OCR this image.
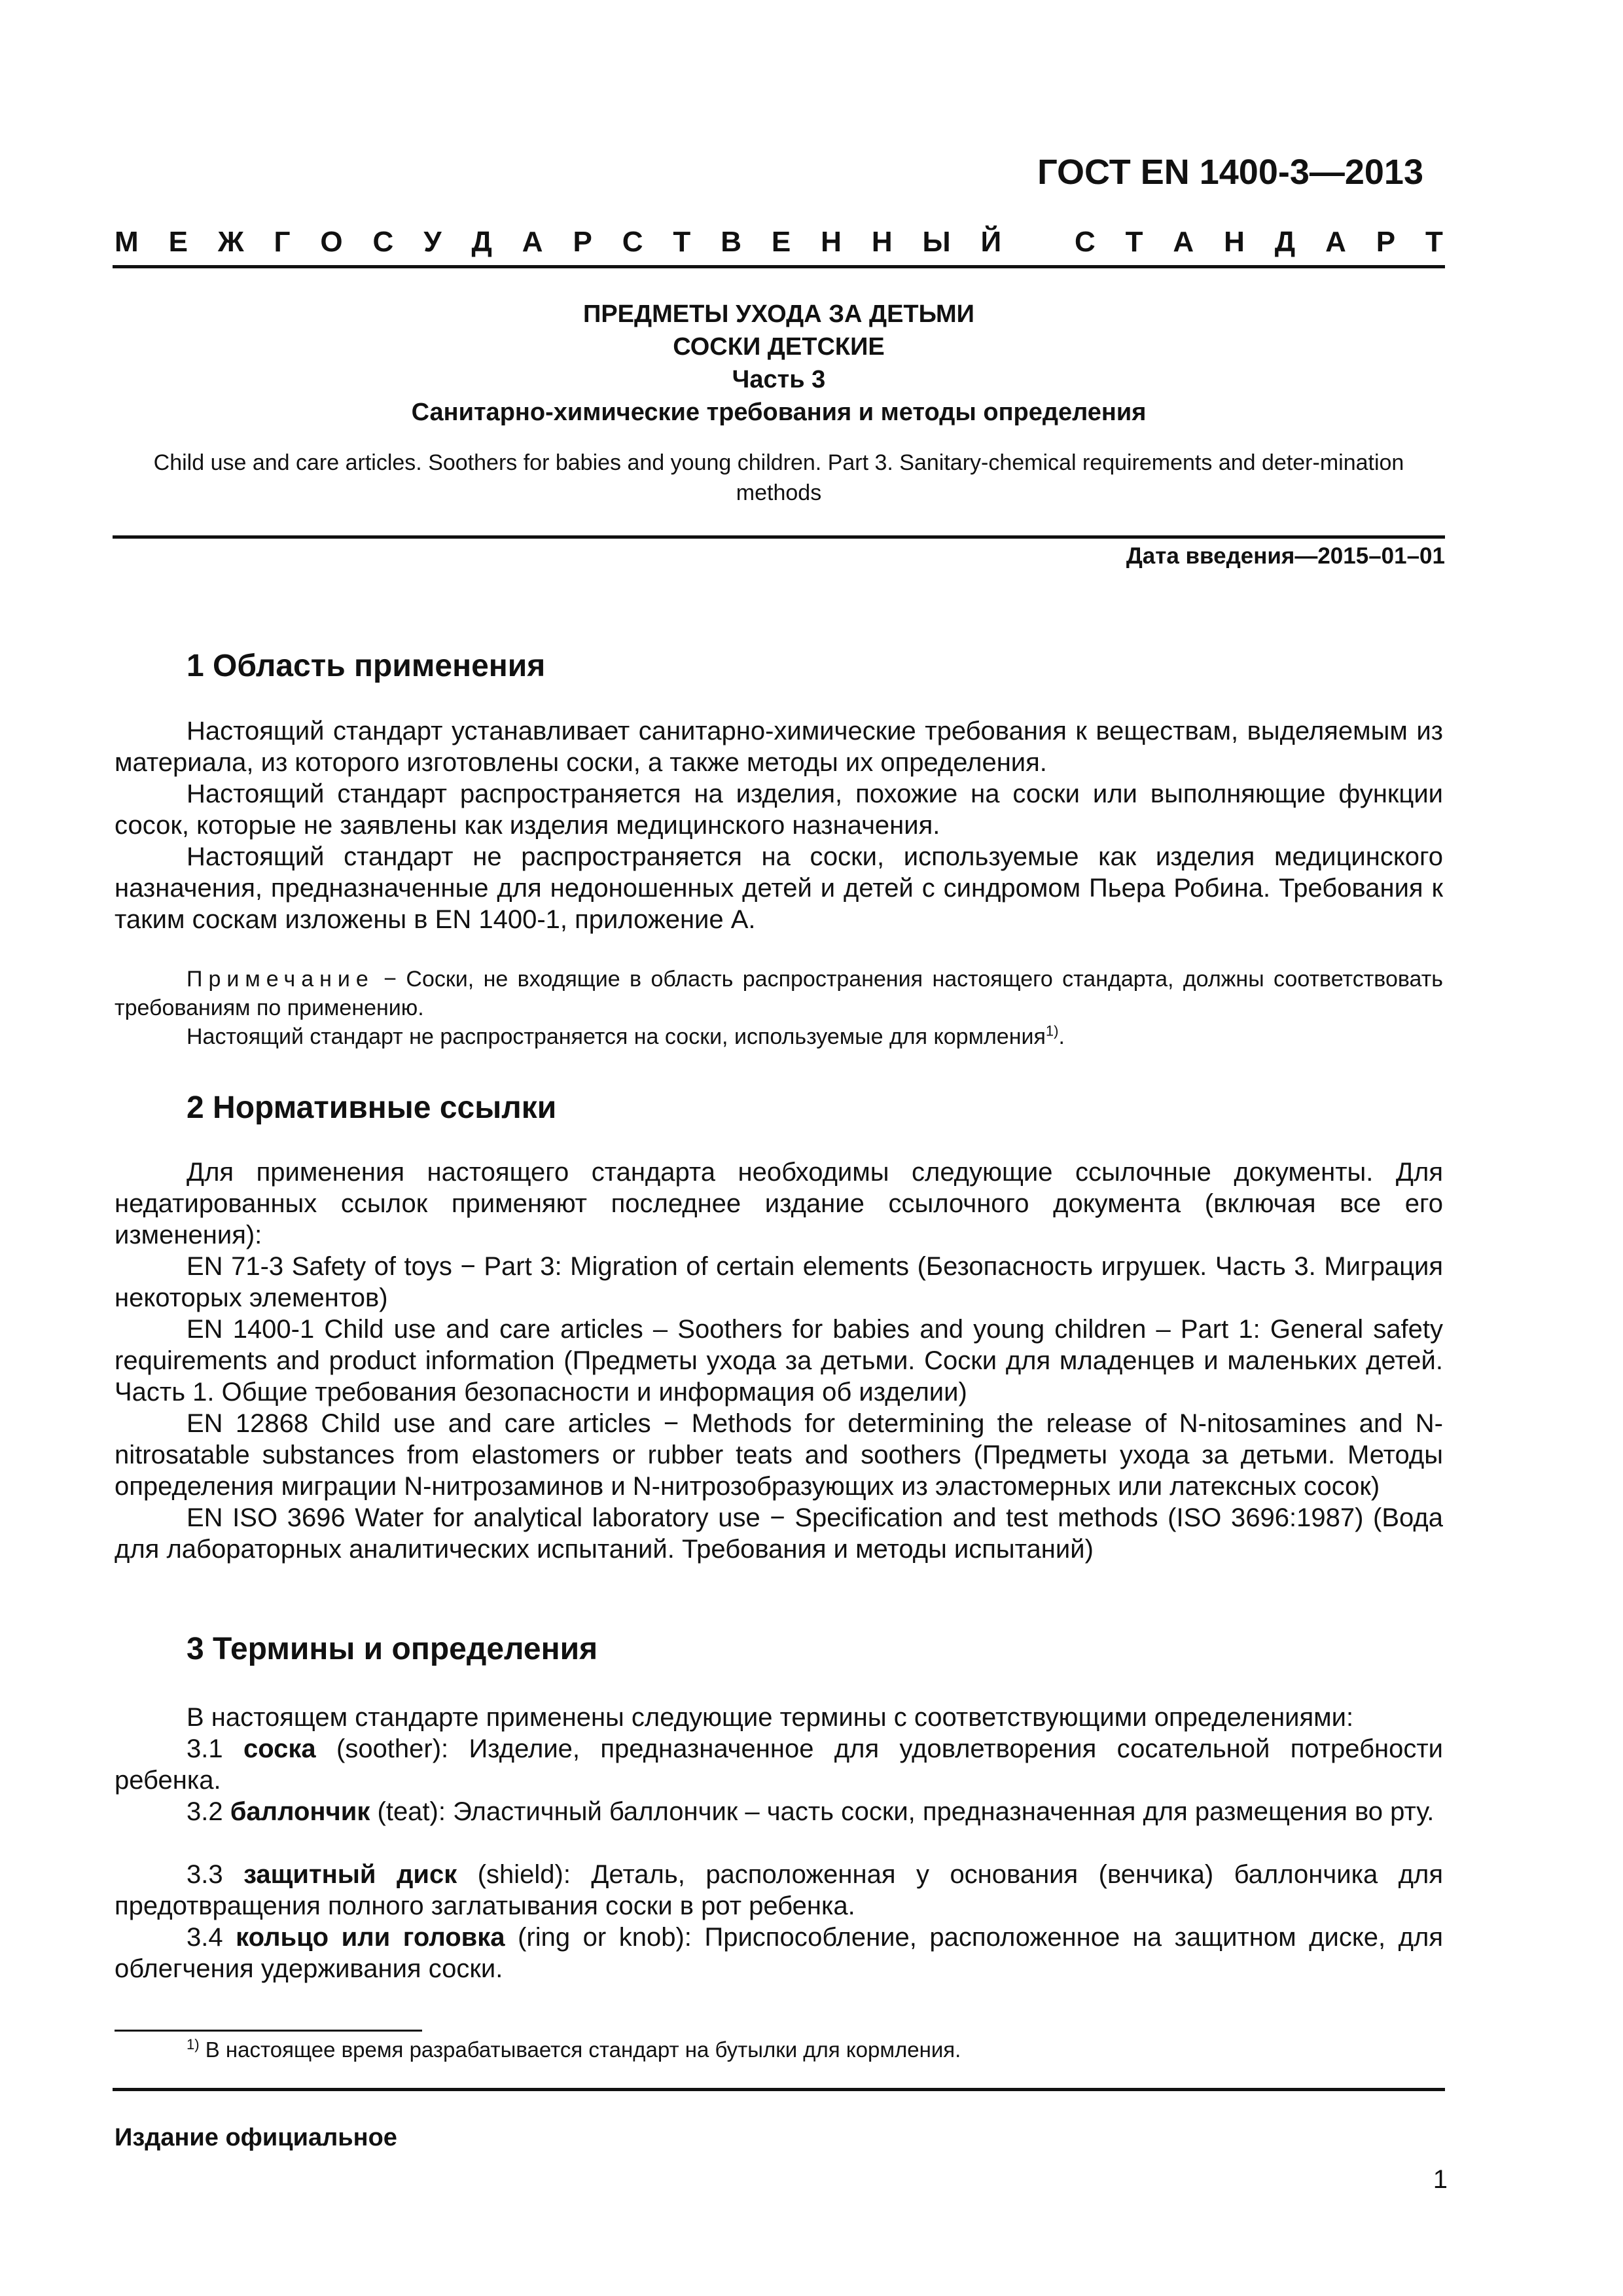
ГОСТ EN 1400-3—2013
М Е Ж Г О С У Д А Р С Т В Е Н Н Ы Й
	С Т А Н Д А Р Т
ПРЕДМЕТЫ УХОДА ЗА ДЕТЬМИ
СОСКИ ДЕТСКИЕ
Часть 3
Санитарно-химические требования и методы определения
Child use and care articles. Soothers for babies and young children. Part 3. Sanitary-chemical requirements and deter-mination methods
Дата введения—2015–01–01
1 Область применения

Настоящий стандарт устанавливает санитарно-химические требования к веществам, выделяемым из материала, из которого изготовлены соски, а также методы их определения.

Настоящий стандарт распространяется на изделия, похожие на соски или выполняющие функции сосок, которые не заявлены как изделия медицинского назначения.

Настоящий стандарт не распространяется на соски, используемые как изделия медицинского назначения, предназначенные для недоношенных детей и детей с синдромом Пьера Робина. Требования к таким соскам изложены в EN 1400-1, приложение А.

Примечание − Соски, не входящие в область распространения настоящего стандарта, должны соответствовать требованиям по применению.

Настоящий стандарт не распространяется на соски, используемые для кормления$^{1)}$.

2 Нормативные ссылки

Для применения настоящего стандарта необходимы следующие ссылочные документы. Для недатированных ссылок применяют последнее издание ссылочного документа (включая все его изменения):

EN 71-3 Safety of toys − Part 3: Migration of certain elements (Безопасность игрушек. Часть 3. Миграция некоторых элементов)

EN 1400-1 Child use and care articles – Soothers for babies and young children – Part 1: General safety requirements and product information (Предметы ухода за детьми. Соски для младенцев и маленьких детей. Часть 1. Общие требования безопасности и информация об изделии)

EN 12868 Child use and care articles − Methods for determining the release of N-nitosamines and N-nitrosatable substances from elastomers or rubber teats and soothers (Предметы ухода за детьми. Методы определения миграции N-нитрозаминов и N-нитрозобразующих из эластомерных или латексных сосок)

EN ISO 3696 Water for analytical laboratory use − Specification and test methods (ISO 3696:1987) (Вода для лабораторных аналитических испытаний. Требования и методы испытаний)

3 Термины и определения

В настоящем стандарте применены следующие термины с соответствующими определениями:

3.1 соска (soother): Изделие, предназначенное для удовлетворения сосательной потребности ребенка.

3.2 баллончик (teat): Эластичный баллончик – часть соски, предназначенная для размещения во рту.

3.3 защитный диск (shield): Деталь, расположенная у основания (венчика) баллончика для предотвращения полного заглатывания соски в рот ребенка.

3.4 кольцо или головка (ring or knob): Приспособление, расположенное на защитном диске, для облегчения удерживания соски.

$^{1)}$ В настоящее время разрабатывается стандарт на бутылки для кормления.
Издание официальное
1
